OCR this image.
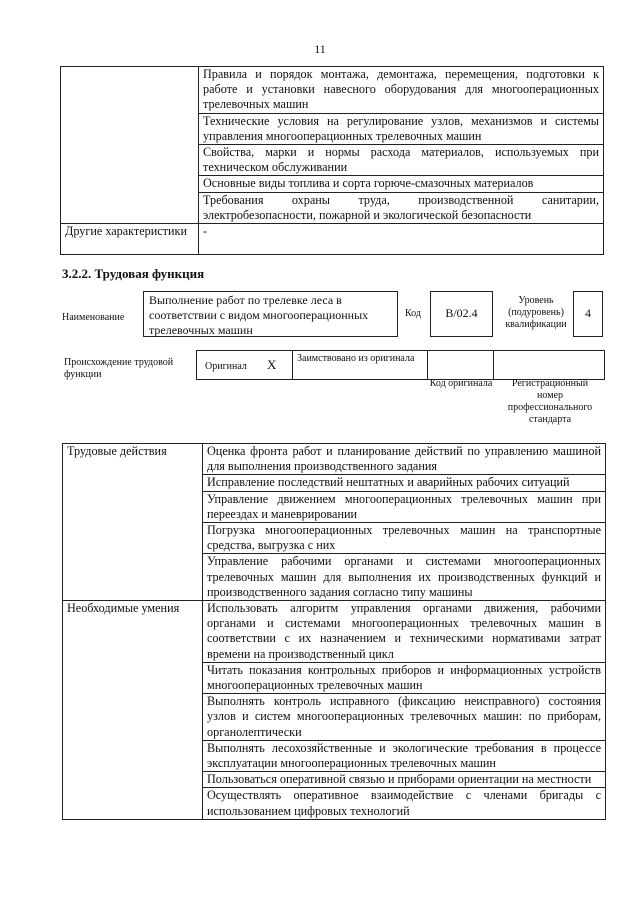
11
	Правила и порядок монтажа, демонтажа, перемещения, подготовки к работе и установки навесного оборудования для многооперационных трелевочных машин
	Технические условия на регулирование узлов, механизмов и системы управления многооперационных трелевочных машин
	Свойства, марки и нормы расхода материалов, используемых при техническом обслуживании
	Основные виды топлива и сорта горюче-смазочных материалов
	Требования охраны труда, производственной санитарии, электробезопасности, пожарной и экологической безопасности
Другие характеристики	-
3.2.2. Трудовая функция
Наименование
Выполнение работ по трелевке леса в соответствии с видом многооперационных трелевочных машин
Код	B/02.4
Уровень (подуровень) квалификации
4
Происхождение трудовой функции
Оригинал X Заимствовано из оригинала
Код оригинала	Регистрационный номер профессионального стандарта
Трудовые действия	Оценка фронта работ и планирование действий по управлению машиной для выполнения производственного задания
	Исправление последствий нештатных и аварийных рабочих ситуаций
	Управление движением многооперационных трелевочных машин при переездах и маневрировании
	Погрузка многооперационных трелевочных машин на транспортные средства, выгрузка с них
	Управление рабочими органами и системами многооперационных трелевочных машин для выполнения их производственных функций и производственного задания согласно типу машины
Необходимые умения	Использовать алгоритм управления органами движения, рабочими органами и системами многооперационных трелевочных машин в соответствии с их назначением и техническими нормативами затрат времени на производственный цикл
	Читать показания контрольных приборов и информационных устройств многооперационных трелевочных машин
	Выполнять контроль исправного (фиксацию неисправного) состояния узлов и систем многооперационных трелевочных машин: по приборам, органолептически
	Выполнять лесохозяйственные и экологические требования в процессе эксплуатации многооперационных трелевочных машин
	Пользоваться оперативной связью и приборами ориентации на местности
	Осуществлять оперативное взаимодействие с членами бригады с использованием цифровых технологий
